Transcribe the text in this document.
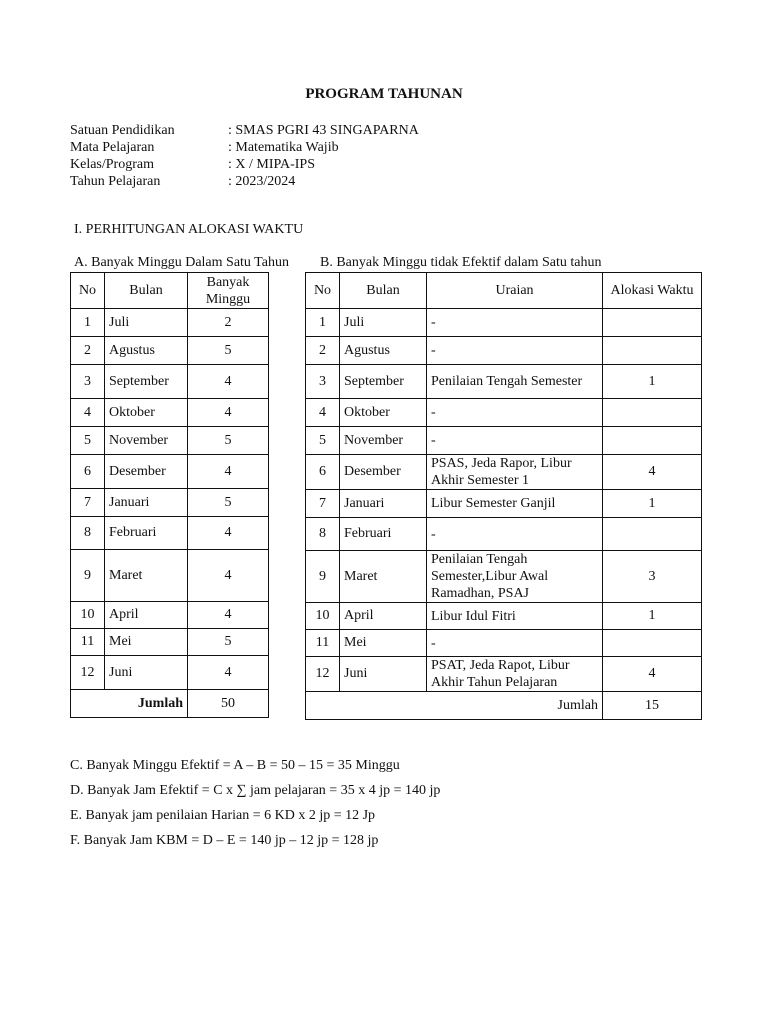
PROGRAM TAHUNAN
Satuan Pendidikan	: SMAS PGRI 43 SINGAPARNA
Mata Pelajaran	: Matematika Wajib
Kelas/Program	: X / MIPA-IPS
Tahun Pelajaran	: 2023/2024
I. PERHITUNGAN ALOKASI WAKTU
A. Banyak Minggu Dalam Satu Tahun B. Banyak Minggu tidak Efektif dalam Satu tahun
No	Bulan	Banyak Minggu
1	Juli	2
2	Agustus	5
3	September	4
4	Oktober	4
5	November	5
6	Desember	4
7	Januari	5
8	Februari	4
9	Maret	4
10	April	4
11	Mei	5
12	Juni	4
Jumlah		50
No	Bulan	Uraian	Alokasi Waktu
1	Juli	-	
2	Agustus	-	
3	September	Penilaian Tengah Semester	1
4	Oktober	-	
5	November	-	
6	Desember	PSAS, Jeda Rapor, Libur Akhir Semester 1	4
7	Januari	Libur Semester Ganjil	1
8	Februari	-	
9	Maret	Penilaian Tengah Semester,Libur Awal Ramadhan, PSAJ	3
10	April	Libur Idul Fitri	1
11	Mei	-	
12	Juni	PSAT, Jeda Rapot, Libur Akhir Tahun Pelajaran	4
Jumlah			15
C. Banyak Minggu Efektif = A – B = 50 – 15 = 35 Minggu
D. Banyak Jam Efektif = C x ∑ jam pelajaran = 35 x 4 jp = 140 jp
E. Banyak jam penilaian Harian = 6 KD x 2 jp = 12 Jp
F. Banyak Jam KBM = D – E = 140 jp – 12 jp = 128 jp
